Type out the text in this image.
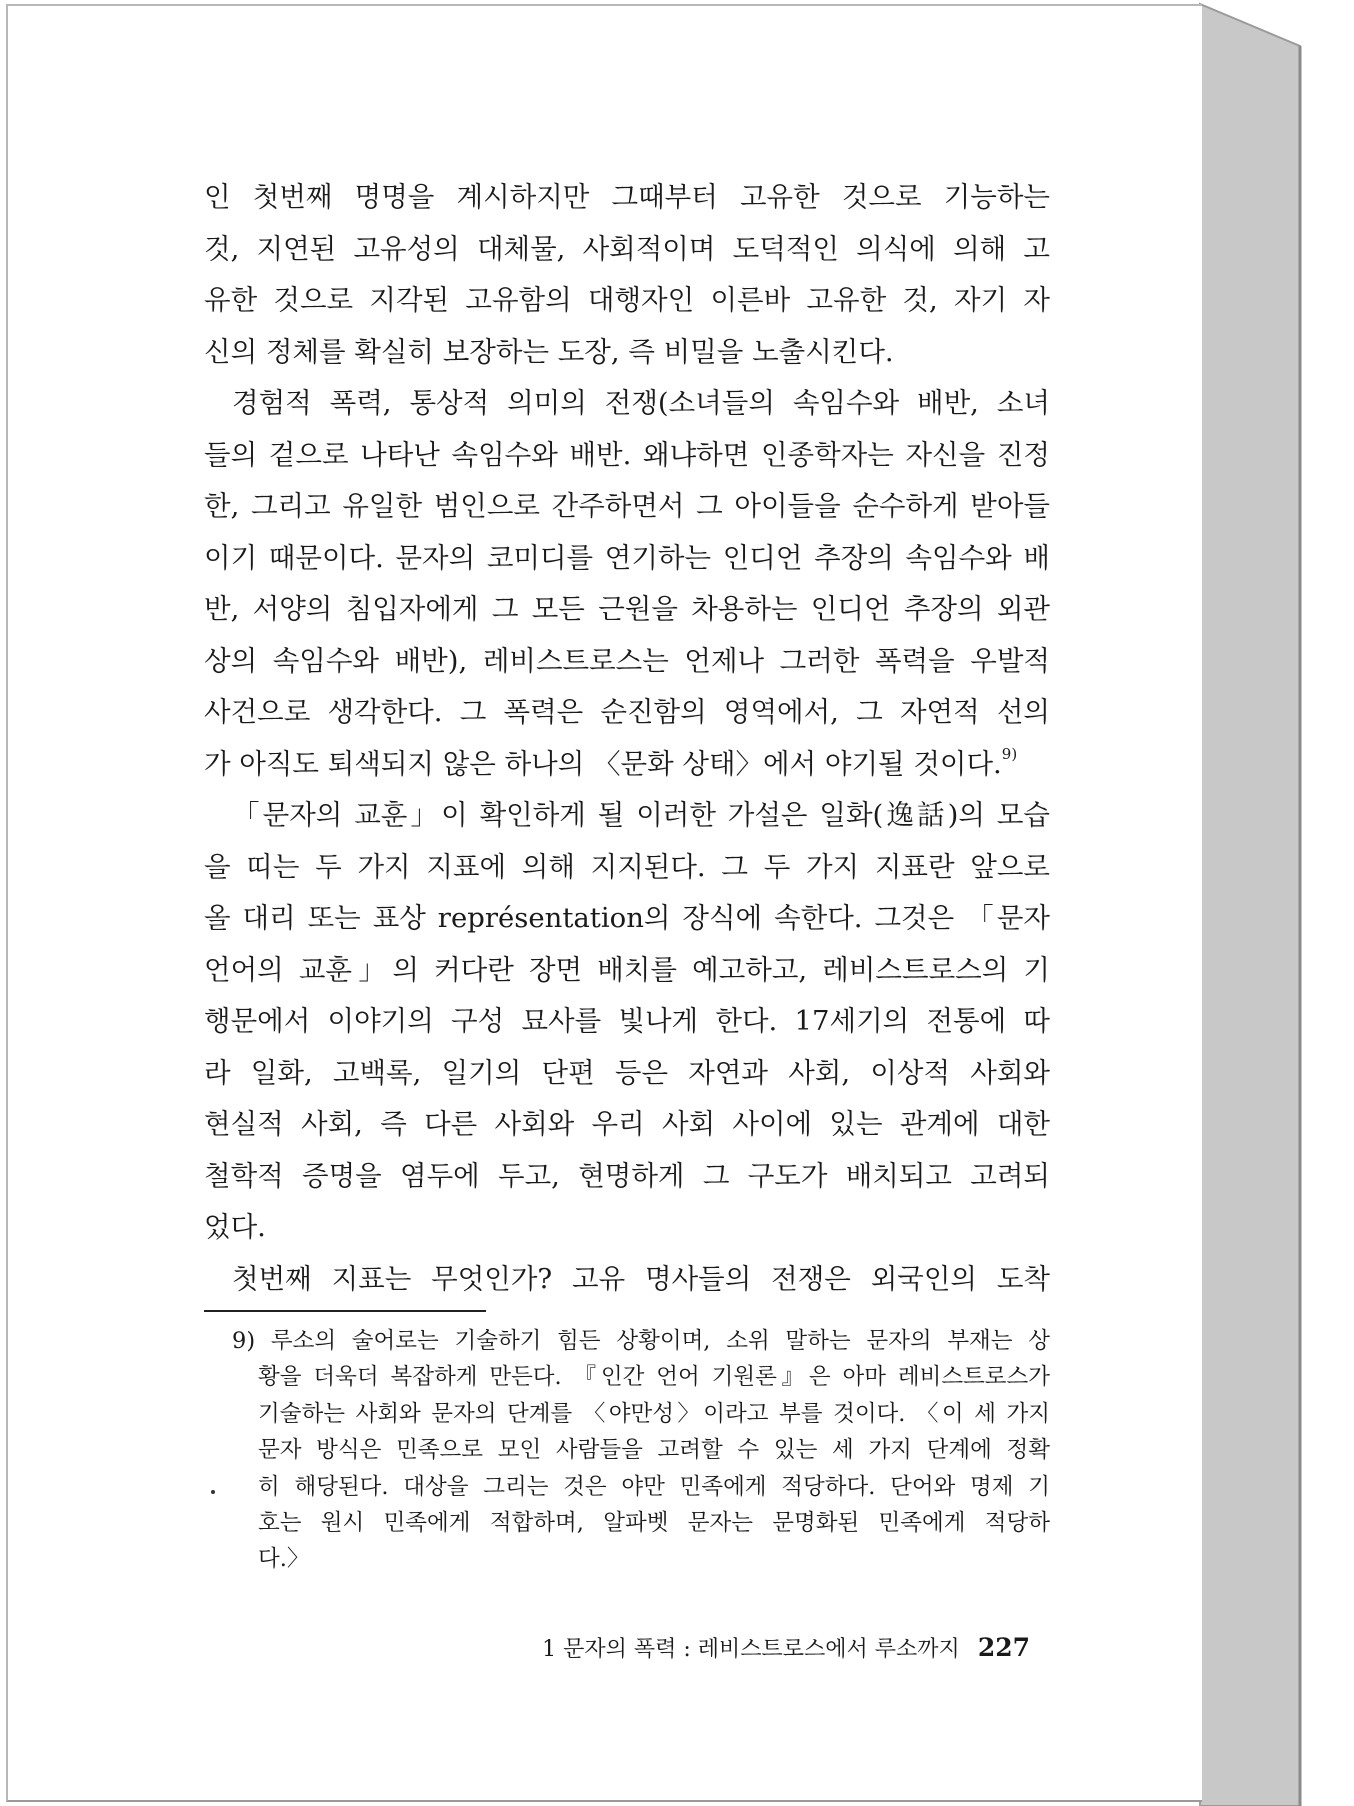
인 첫번째 명명을 계시하지만 그때부터 고유한 것으로 기능하는
것, 지연된 고유성의 대체물, 사회적이며 도덕적인 의식에 의해 고
유한 것으로 지각된 고유함의 대행자인 이른바 고유한 것, 자기 자
신의 정체를 확실히 보장하는 도장, 즉 비밀을 노출시킨다.
경험적 폭력, 통상적 의미의 전쟁(소녀들의 속임수와 배반, 소녀
들의 겉으로 나타난 속임수와 배반. 왜냐하면 인종학자는 자신을 진정
한, 그리고 유일한 범인으로 간주하면서 그 아이들을 순수하게 받아들
이기 때문이다. 문자의 코미디를 연기하는 인디언 추장의 속임수와 배
반, 서양의 침입자에게 그 모든 근원을 차용하는 인디언 추장의 외관
상의 속임수와 배반), 레비스트로스는 언제나 그러한 폭력을 우발적
사건으로 생각한다. 그 폭력은 순진함의 영역에서, 그 자연적 선의
가 아직도 퇴색되지 않은 하나의 〈문화 상태〉에서 야기될 것이다.$^{9)}$
「문자의 교훈」이 확인하게 될 이러한 가설은 일화(逸話)의 모습
을 띠는 두 가지 지표에 의해 지지된다. 그 두 가지 지표란 앞으로
올 대리 또는 표상 représentation의 장식에 속한다. 그것은 「문자
언어의 교훈」의 커다란 장면 배치를 예고하고, 레비스트로스의 기
행문에서 이야기의 구성 묘사를 빛나게 한다. 17세기의 전통에 따
라 일화, 고백록, 일기의 단편 등은 자연과 사회, 이상적 사회와
현실적 사회, 즉 다른 사회와 우리 사회 사이에 있는 관계에 대한
철학적 증명을 염두에 두고, 현명하게 그 구도가 배치되고 고려되
었다.
첫번째 지표는 무엇인가? 고유 명사들의 전쟁은 외국인의 도착
9) 루소의 술어로는 기술하기 힘든 상황이며, 소위 말하는 문자의 부재는 상
황을 더욱더 복잡하게 만든다. 『인간 언어 기원론』은 아마 레비스트로스가
기술하는 사회와 문자의 단계를 〈야만성〉이라고 부를 것이다. 〈이 세 가지
문자 방식은 민족으로 모인 사람들을 고려할 수 있는 세 가지 단계에 정확
히 해당된다. 대상을 그리는 것은 야만 민족에게 적당하다. 단어와 명제 기
호는 원시 민족에게 적합하며, 알파벳 문자는 문명화된 민족에게 적당하
다.〉
1 문자의 폭력 : 레비스트로스에서 루소까지 227
